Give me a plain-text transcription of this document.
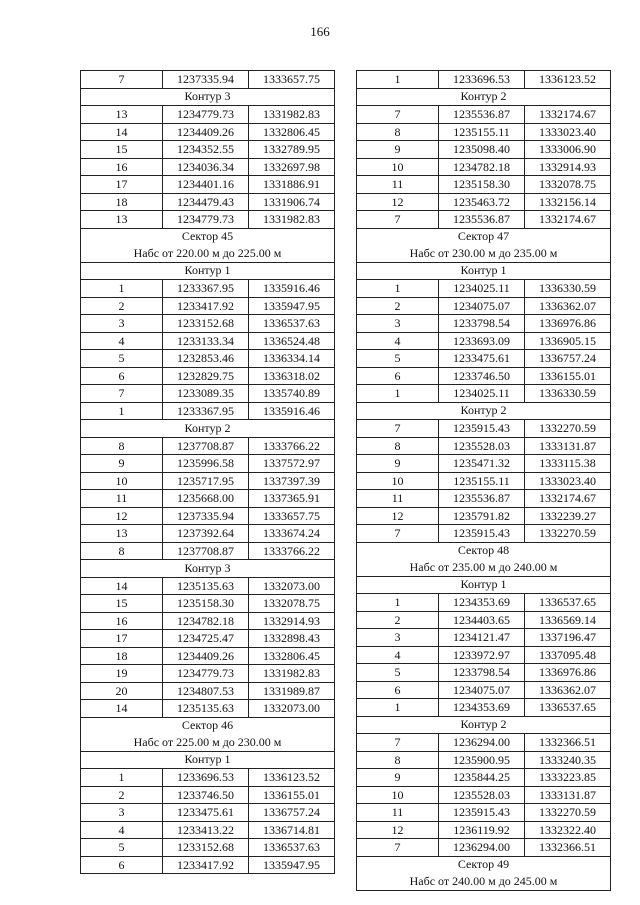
166
7	1237335.94	1333657.75
Контур 3		
13	1234779.73	1331982.83
14	1234409.26	1332806.45
15	1234352.55	1332789.95
16	1234036.34	1332697.98
17	1234401.16	1331886.91
18	1234479.43	1331906.74
13	1234779.73	1331982.83
Сектор 45		
Набс от 220.00 м до 225.00 м		
Контур 1		
1	1233367.95	1335916.46
2	1233417.92	1335947.95
3	1233152.68	1336537.63
4	1233133.34	1336524.48
5	1232853.46	1336334.14
6	1232829.75	1336318.02
7	1233089.35	1335740.89
1	1233367.95	1335916.46
Контур 2		
8	1237708.87	1333766.22
9	1235996.58	1337572.97
10	1235717.95	1337397.39
11	1235668.00	1337365.91
12	1237335.94	1333657.75
13	1237392.64	1333674.24
8	1237708.87	1333766.22
Контур 3		
14	1235135.63	1332073.00
15	1235158.30	1332078.75
16	1234782.18	1332914.93
17	1234725.47	1332898.43
18	1234409.26	1332806.45
19	1234779.73	1331982.83
20	1234807.53	1331989.87
14	1235135.63	1332073.00
Сектор 46		
Набс от 225.00 м до 230.00 м		
Контур 1		
1	1233696.53	1336123.52
2	1233746.50	1336155.01
3	1233475.61	1336757.24
4	1233413.22	1336714.81
5	1233152.68	1336537.63
6	1233417.92	1335947.95
1	1233696.53	1336123.52
Контур 2		
7	1235536.87	1332174.67
8	1235155.11	1333023.40
9	1235098.40	1333006.90
10	1234782.18	1332914.93
11	1235158.30	1332078.75
12	1235463.72	1332156.14
7	1235536.87	1332174.67
Сектор 47		
Набс от 230.00 м до 235.00 м		
Контур 1		
1	1234025.11	1336330.59
2	1234075.07	1336362.07
3	1233798.54	1336976.86
4	1233693.09	1336905.15
5	1233475.61	1336757.24
6	1233746.50	1336155.01
1	1234025.11	1336330.59
Контур 2		
7	1235915.43	1332270.59
8	1235528.03	1333131.87
9	1235471.32	1333115.38
10	1235155.11	1333023.40
11	1235536.87	1332174.67
12	1235791.82	1332239.27
7	1235915.43	1332270.59
Сектор 48		
Набс от 235.00 м до 240.00 м		
Контур 1		
1	1234353.69	1336537.65
2	1234403.65	1336569.14
3	1234121.47	1337196.47
4	1233972.97	1337095.48
5	1233798.54	1336976.86
6	1234075.07	1336362.07
1	1234353.69	1336537.65
Контур 2		
7	1236294.00	1332366.51
8	1235900.95	1333240.35
9	1235844.25	1333223.85
10	1235528.03	1333131.87
11	1235915.43	1332270.59
12	1236119.92	1332322.40
7	1236294.00	1332366.51
Сектор 49		
Набс от 240.00 м до 245.00 м		
